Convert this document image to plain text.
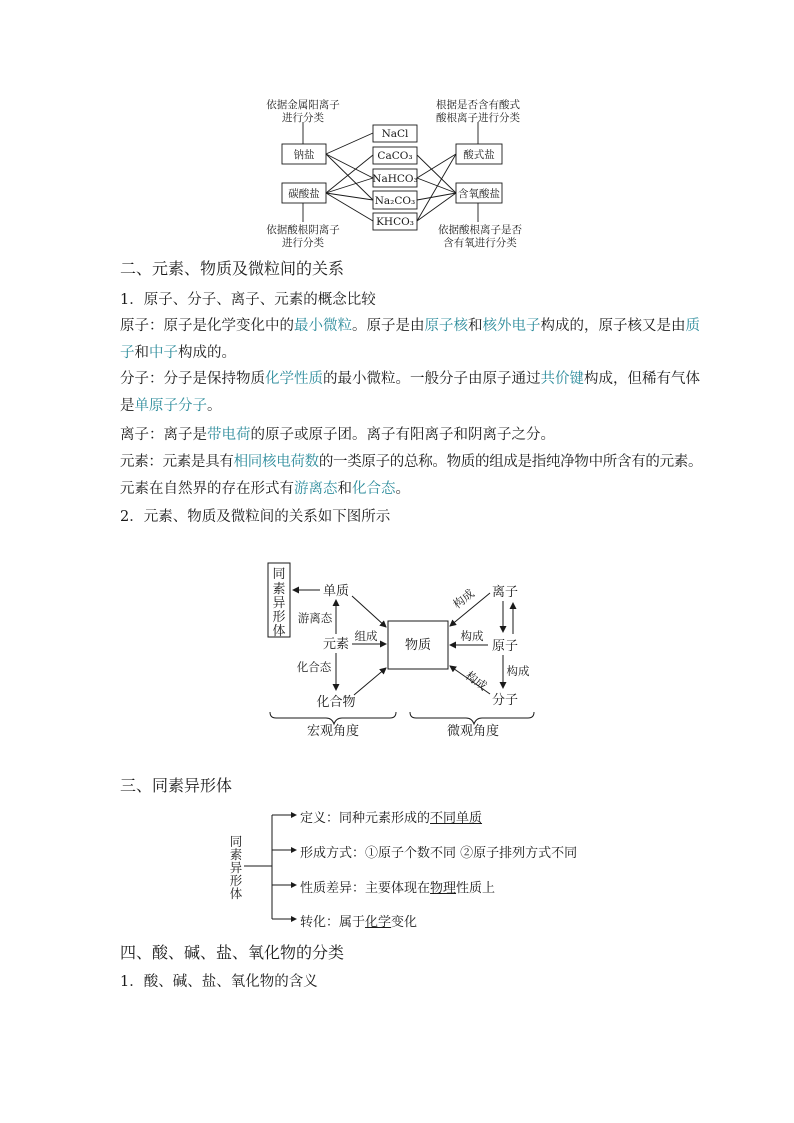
依据金属阳离子
进行分类
根据是否含有酸式
酸根离子进行分类
钠盐
碳酸盐
NaCl
CaCO₃
NaHCO₃
Na₂CO₃
KHCO₃
酸式盐
含氧酸盐
依据酸根阴离子
进行分类
依据酸根离子是否
含有氧进行分类
二、元素、物质及微粒间的关系
1．原子、分子、离子、元素的概念比较
原子：原子是化学变化中的最小微粒。原子是由原子核和核外电子构成的，原子核又是由质
子和中子构成的。
分子：分子是保持物质化学性质的最小微粒。一般分子由原子通过共价键构成，但稀有气体
是单原子分子。
离子：离子是带电荷的原子或原子团。离子有阳离子和阴离子之分。
元素：元素是具有相同核电荷数的一类原子的总称。物质的组成是指纯净物中所含有的元素。
元素在自然界的存在形式有游离态和化合态。
2．元素、物质及微粒间的关系如下图所示
同
素
异
形
体
单质
游离态
元素
组成
物质
化合态
化合物
离子
原子
分子
构成
构成
构成
构成
宏观角度	微观角度
三、同素异形体
同
素
异
形
体
定义：同种元素形成的不同单质
形成方式：①原子个数不同 ②原子排列方式不同
性质差异：主要体现在物理性质上
转化：属于化学变化
四、酸、碱、盐、氧化物的分类
1．酸、碱、盐、氧化物的含义
